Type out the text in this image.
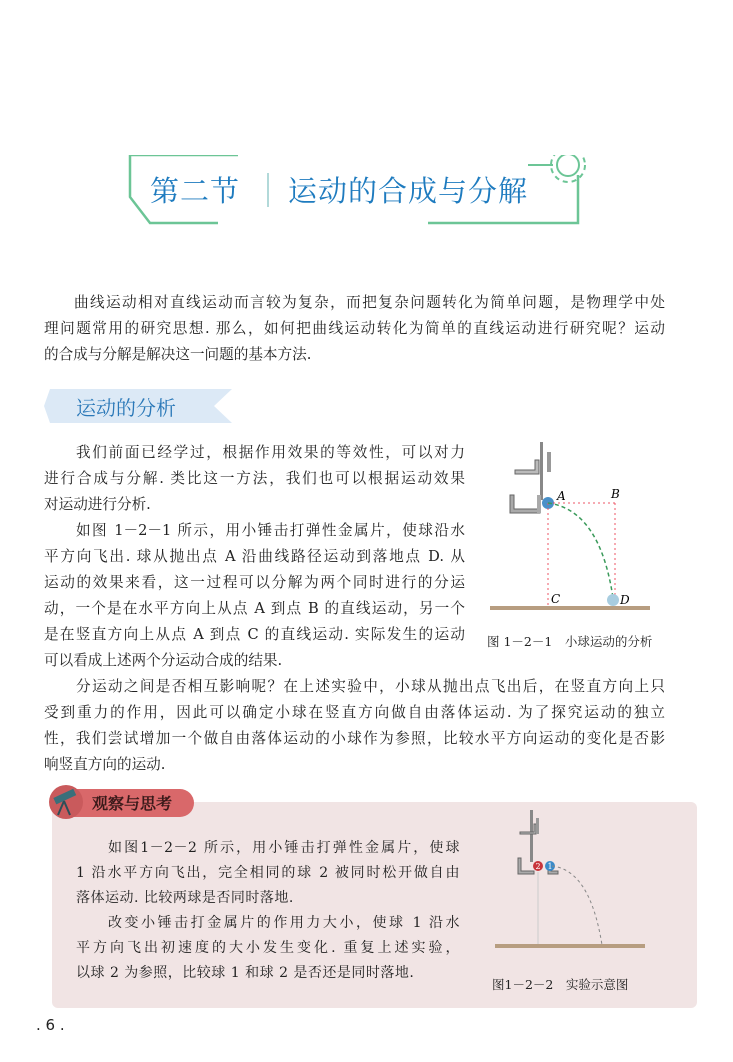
第二节 运动的合成与分解
曲线运动相对直线运动而言较为复杂，而把复杂问题转化为简单问题，是物理学中处
理问题常用的研究思想. 那么，如何把曲线运动转化为简单的直线运动进行研究呢？运动
的合成与分解是解决这一问题的基本方法.
运动的分析
我们前面已经学过，根据作用效果的等效性，可以对力
进行合成与分解. 类比这一方法，我们也可以根据运动效果
对运动进行分析.
如图 1－2－1 所示，用小锤击打弹性金属片，使球沿水
平方向飞出. 球从抛出点 A 沿曲线路径运动到落地点 D. 从
运动的效果来看，这一过程可以分解为两个同时进行的分运
动，一个是在水平方向上从点 A 到点 B 的直线运动，另一个
是在竖直方向上从点 A 到点 C 的直线运动. 实际发生的运动
可以看成上述两个分运动合成的结果.
A	B
C	D
图 1－2－1　小球运动的分析
分运动之间是否相互影响呢？在上述实验中，小球从抛出点飞出后，在竖直方向上只
受到重力的作用，因此可以确定小球在竖直方向做自由落体运动. 为了探究运动的独立
性，我们尝试增加一个做自由落体运动的小球作为参照，比较水平方向运动的变化是否影
响竖直方向的运动.
观察与思考
如图1－2－2 所示，用小锤击打弹性金属片，使球
1 沿水平方向飞出，完全相同的球 2 被同时松开做自由
落体运动. 比较两球是否同时落地.
改变小锤击打金属片的作用力大小，使球 1 沿水
平方向飞出初速度的大小发生变化. 重复上述实验，
以球 2 为参照，比较球 1 和球 2 是否还是同时落地.
2 1
图1－2－2　实验示意图
. 6 .
